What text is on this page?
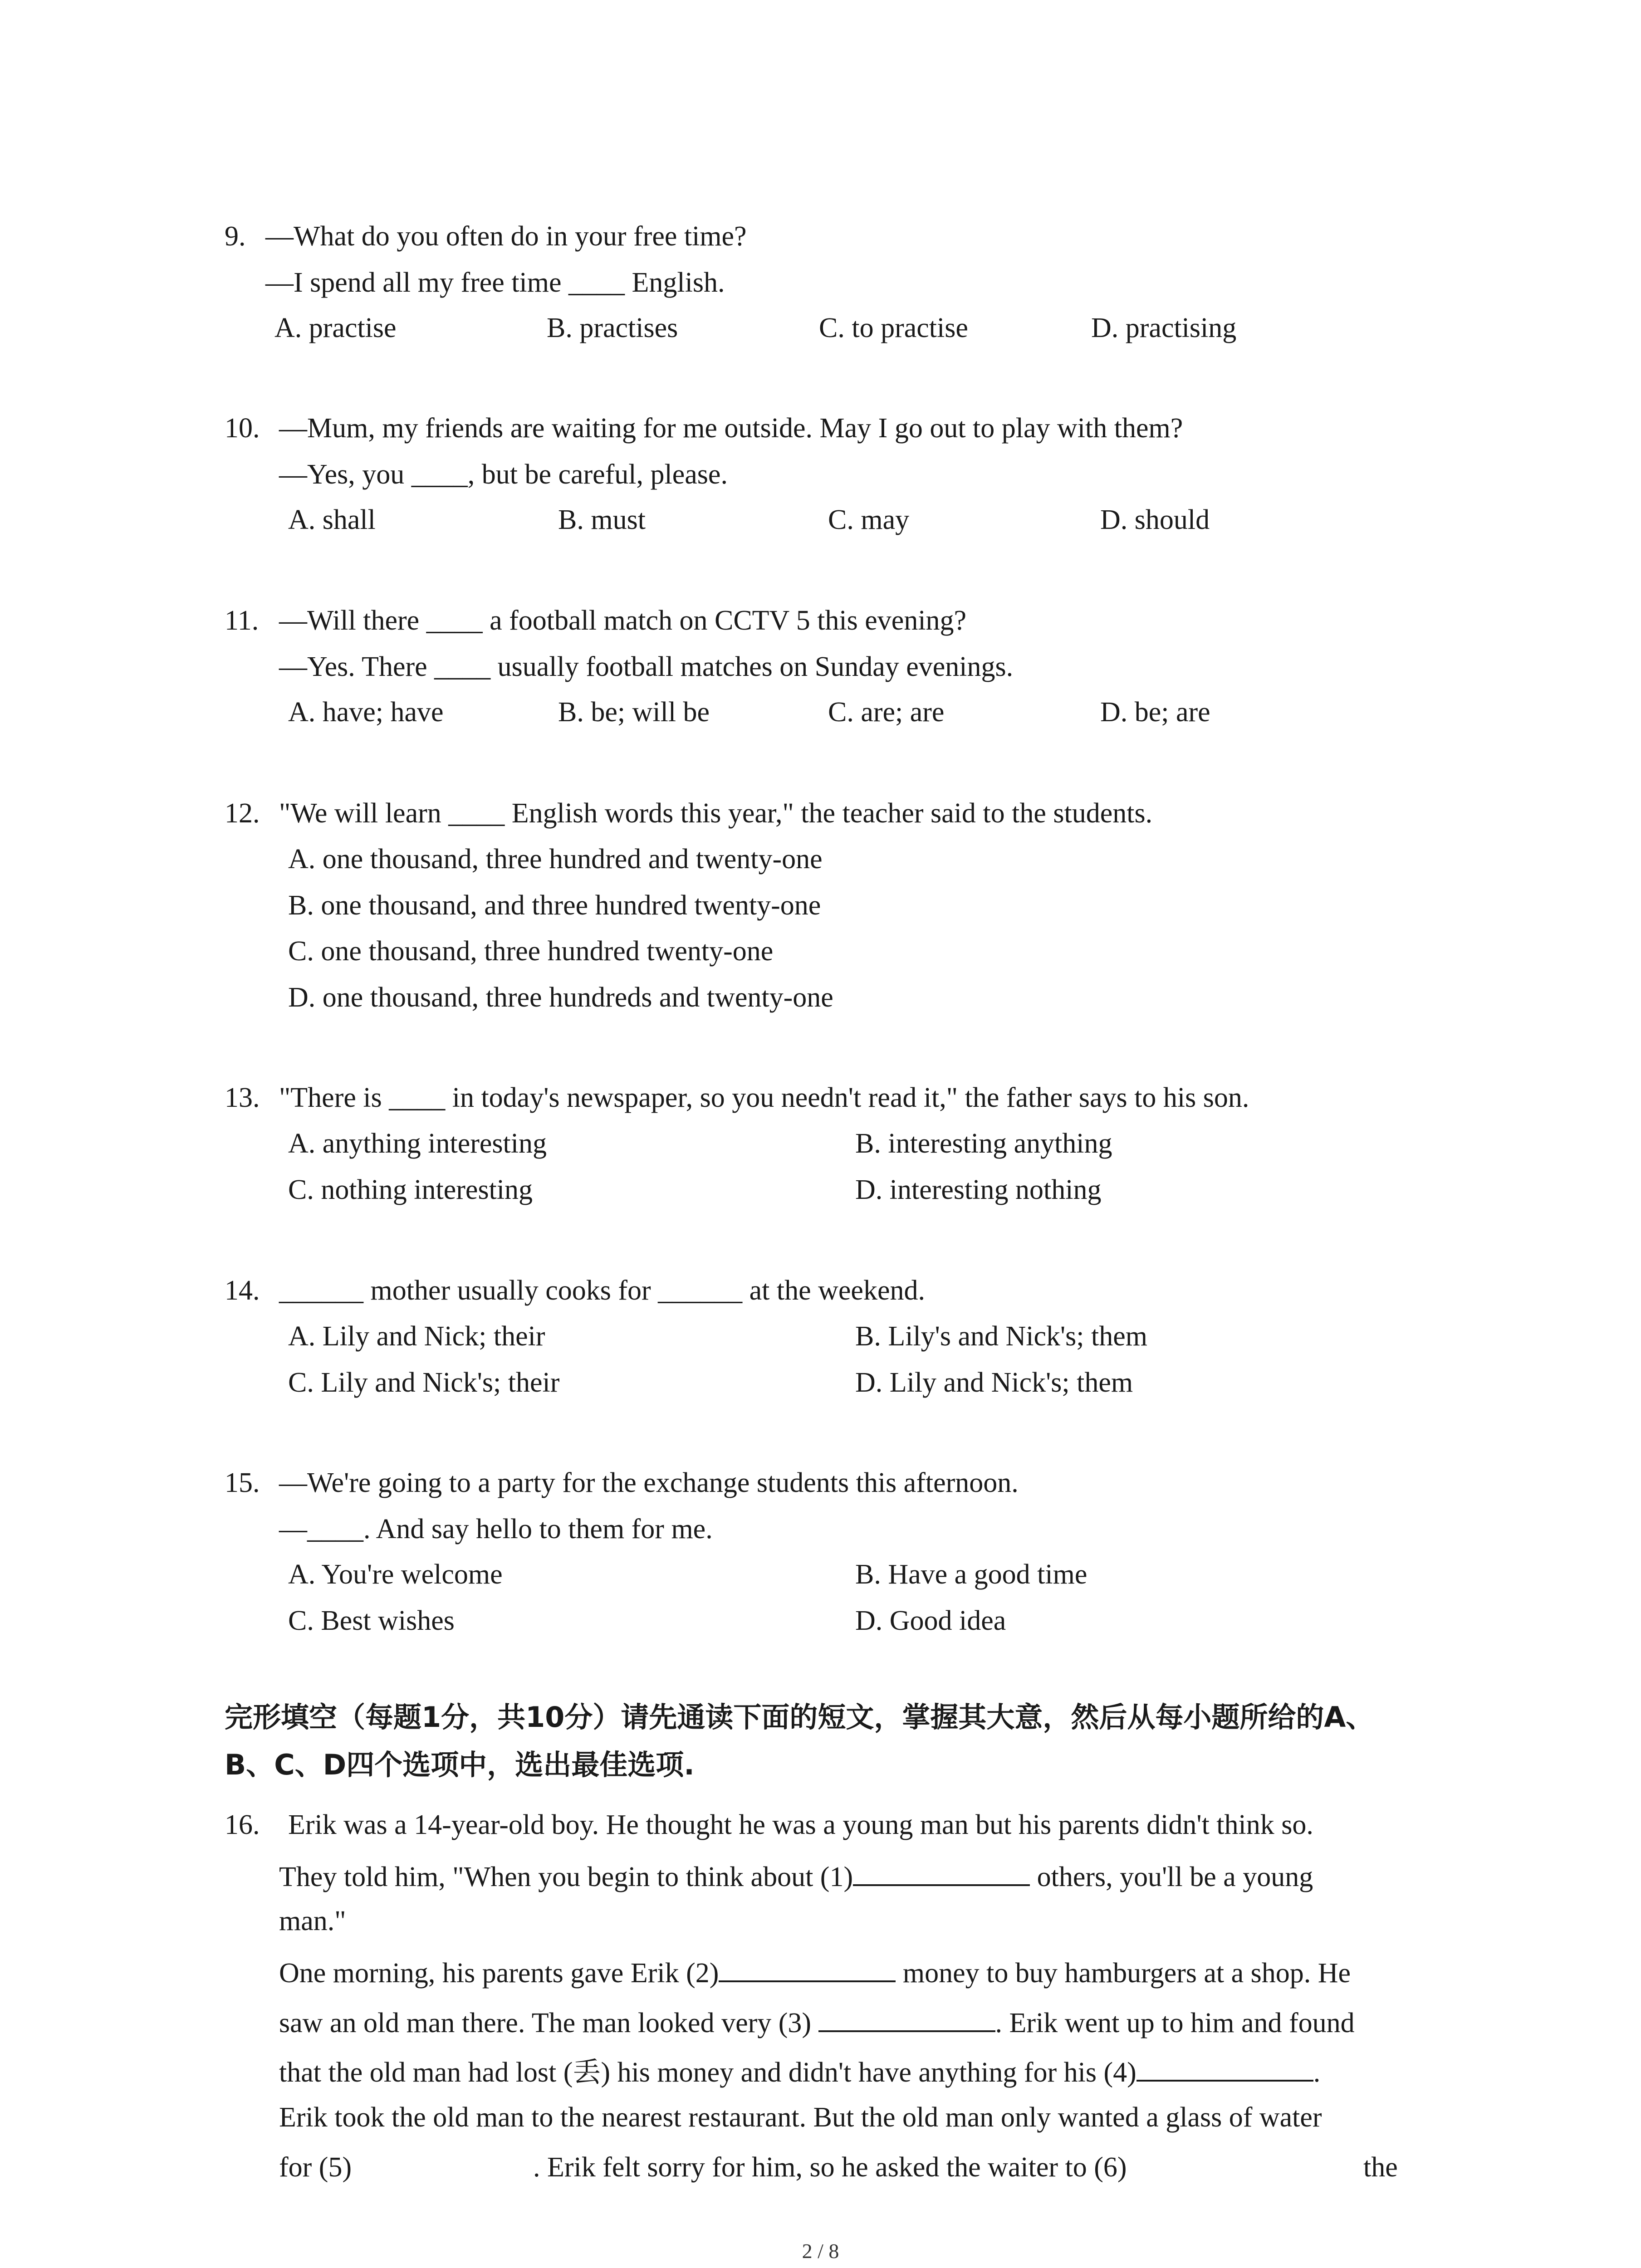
9. —What do you often do in your free time?
—I spend all my free time ____ English.
A. practise	B. practises	C. to practise	D. practising
10. —Mum, my friends are waiting for me outside. May I go out to play with them?
—Yes, you ____, but be careful, please.
A. shall	B. must	C. may	D. should
11. —Will there ____ a football match on CCTV 5 this evening?
—Yes. There ____ usually football matches on Sunday evenings.
A. have; have	B. be; will be	C. are; are	D. be; are
12. "We will learn ____ English words this year," the teacher said to the students.
A. one thousand, three hundred and twenty-one
B. one thousand, and three hundred twenty-one
C. one thousand, three hundred twenty-one
D. one thousand, three hundreds and twenty-one
13. "There is ____ in today's newspaper, so you needn't read it," the father says to his son.
A. anything interesting	B. interesting anything
C. nothing interesting	D. interesting nothing
14. ______ mother usually cooks for ______ at the weekend.
A. Lily and Nick; their	B. Lily's and Nick's; them
C. Lily and Nick's; their	D. Lily and Nick's; them
15. —We're going to a party for the exchange students this afternoon.
—____. And say hello to them for me.
A. You're welcome	B. Have a good time
C. Best wishes	D. Good idea
完形填空（每题1分，共10分）请先通读下面的短文，掌握其大意，然后从每小题所给的A、
B、C、D四个选项中，选出最佳选项.
16. Erik was a 14-year-old boy. He thought he was a young man but his parents didn't think so.
They told him, "When you begin to think about (1)	others, you'll be a young
man."
One morning, his parents gave Erik (2)	money to buy hamburgers at a shop. He
saw an old man there. The man looked very (3)	. Erik went up to him and found
that the old man had lost (丢) his money and didn't have anything for his (4)	.
Erik took the old man to the nearest restaurant. But the old man only wanted a glass of water
for (5)	. Erik felt sorry for him, so he asked the waiter to (6)	the
2 / 8
